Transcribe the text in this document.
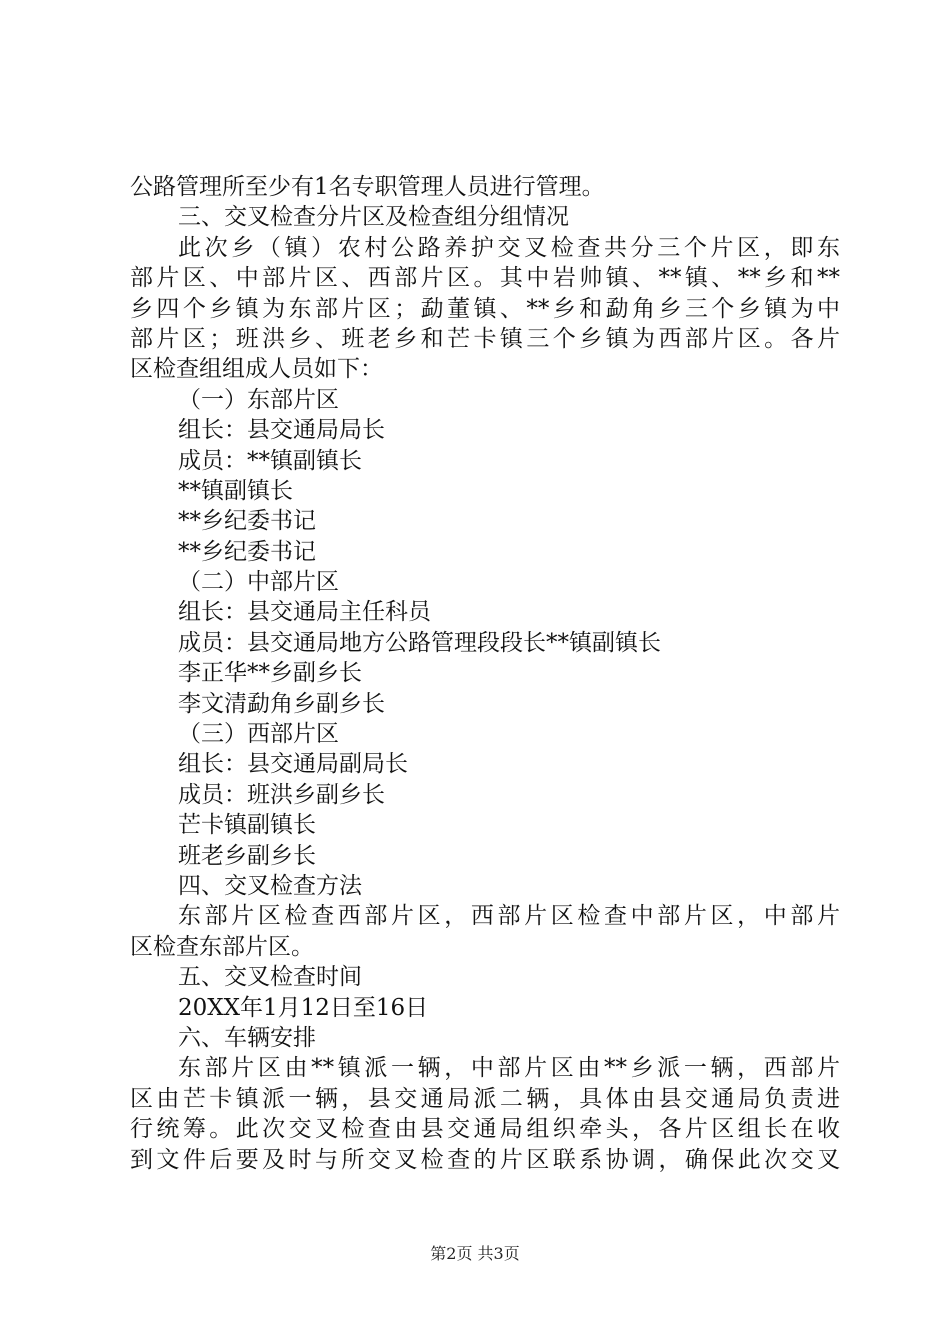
公路管理所至少有1名专职管理人员进行管理。
三、交叉检查分片区及检查组分组情况
此次乡（镇）农村公路养护交叉检查共分三个片区，即东
部片区、中部片区、西部片区。其中岩帅镇、**镇、**乡和**
乡四个乡镇为东部片区；勐董镇、**乡和勐角乡三个乡镇为中
部片区；班洪乡、班老乡和芒卡镇三个乡镇为西部片区。各片
区检查组组成人员如下：
（一）东部片区
组长：县交通局局长
成员：**镇副镇长
**镇副镇长
**乡纪委书记
**乡纪委书记
（二）中部片区
组长：县交通局主任科员
成员：县交通局地方公路管理段段长**镇副镇长
李正华**乡副乡长
李文清勐角乡副乡长
（三）西部片区
组长：县交通局副局长
成员：班洪乡副乡长
芒卡镇副镇长
班老乡副乡长
四、交叉检查方法
东部片区检查西部片区，西部片区检查中部片区，中部片
区检查东部片区。
五、交叉检查时间
20XX年1月12日至16日
六、车辆安排
东部片区由**镇派一辆，中部片区由**乡派一辆，西部片
区由芒卡镇派一辆，县交通局派二辆，具体由县交通局负责进
行统筹。此次交叉检查由县交通局组织牵头，各片区组长在收
到文件后要及时与所交叉检查的片区联系协调，确保此次交叉
第2页 共3页
